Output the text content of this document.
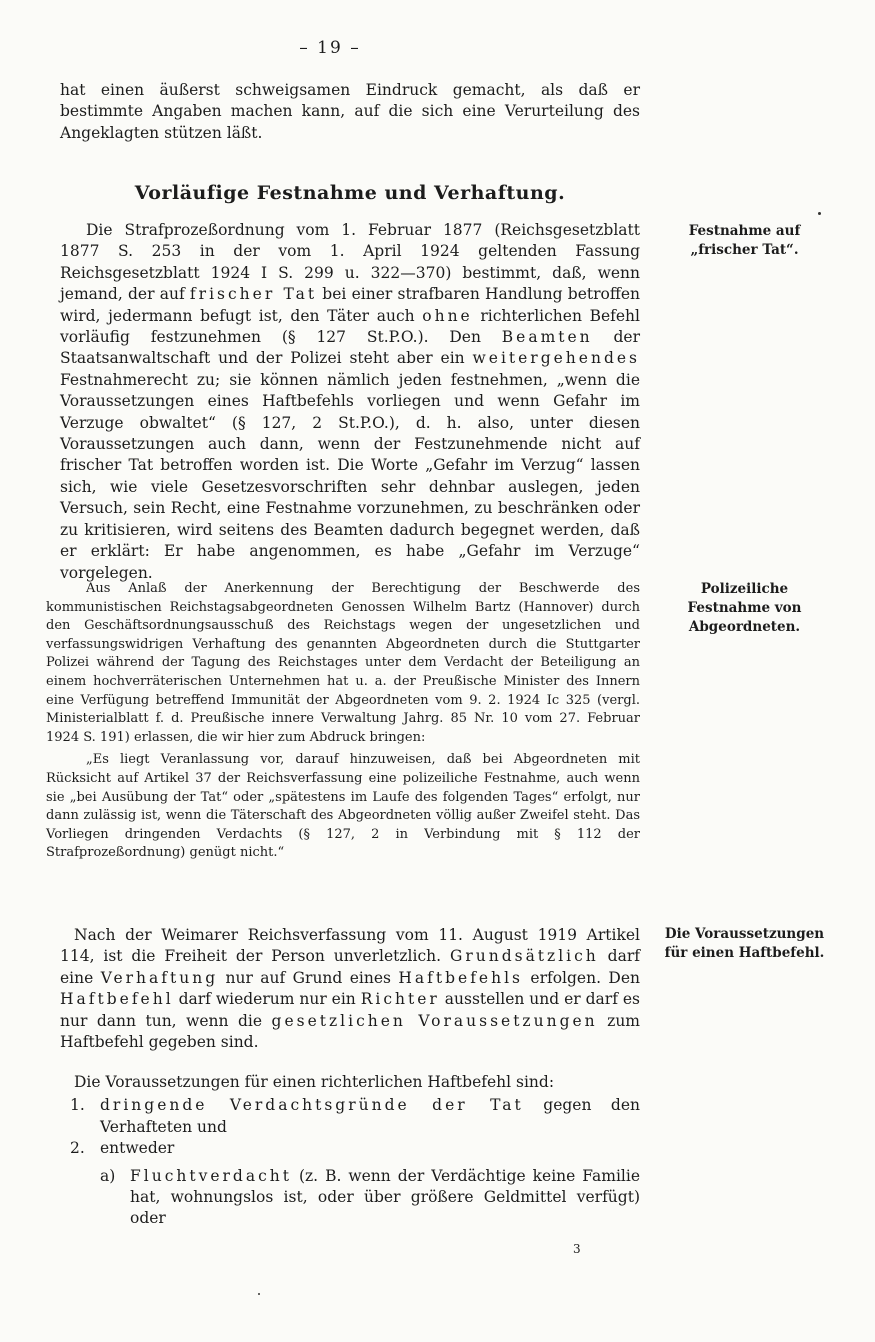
– 19 –

hat einen äußerst schweigsamen Eindruck gemacht, als daß er bestimmte Angaben machen kann, auf die sich eine Verurteilung des Angeklagten stützen läßt.

Vorläufige Festnahme und Verhaftung.

Die Strafprozeßordnung vom 1. Februar 1877 (Reichsgesetzblatt 1877 S. 253 in der vom 1. April 1924 geltenden Fassung Reichsgesetzblatt 1924 I S. 299 u. 322—370) bestimmt, daß, wenn jemand, der auf frischer Tat bei einer strafbaren Handlung betroffen wird, jedermann befugt ist, den Täter auch ohne richterlichen Befehl vorläufig festzunehmen (§ 127 St.P.O.). Den Beamten der Staatsanwaltschaft und der Polizei steht aber ein weitergehendes Festnahmerecht zu; sie können nämlich jeden festnehmen, „wenn die Voraussetzungen eines Haftbefehls vorliegen und wenn Gefahr im Verzuge obwaltet“ (§ 127, 2 St.P.O.), d. h. also, unter diesen Voraussetzungen auch dann, wenn der Festzunehmende nicht auf frischer Tat betroffen worden ist. Die Worte „Gefahr im Verzug“ lassen sich, wie viele Gesetzesvorschriften sehr dehnbar auslegen, jeden Versuch, sein Recht, eine Festnahme vorzunehmen, zu beschränken oder zu kritisieren, wird seitens des Beamten dadurch begegnet werden, daß er erklärt: Er habe angenommen, es habe „Gefahr im Verzuge“ vorgelegen.

Aus Anlaß der Anerkennung der Berechtigung der Beschwerde des kommunistischen Reichstagsabgeordneten Genossen Wilhelm Bartz (Hannover) durch den Geschäftsordnungsausschuß des Reichstags wegen der ungesetzlichen und verfassungswidrigen Verhaftung des genannten Abgeordneten durch die Stuttgarter Polizei während der Tagung des Reichstages unter dem Verdacht der Beteiligung an einem hochverräterischen Unternehmen hat u. a. der Preußische Minister des Innern eine Verfügung betreffend Immunität der Abgeordneten vom 9. 2. 1924 Ic 325 (vergl. Ministerialblatt f. d. Preußische innere Verwaltung Jahrg. 85 Nr. 10 vom 27. Februar 1924 S. 191) erlassen, die wir hier zum Abdruck bringen:

„Es liegt Veranlassung vor, darauf hinzuweisen, daß bei Abgeordneten mit Rücksicht auf Artikel 37 der Reichsverfassung eine polizeiliche Festnahme, auch wenn sie „bei Ausübung der Tat“ oder „spätestens im Laufe des folgenden Tages“ erfolgt, nur dann zulässig ist, wenn die Täterschaft des Abgeordneten völlig außer Zweifel steht. Das Vorliegen dringenden Verdachts (§ 127, 2 in Verbindung mit § 112 der Strafprozeßordnung) genügt nicht.“

Nach der Weimarer Reichsverfassung vom 11. August 1919 Artikel 114, ist die Freiheit der Person unverletzlich. Grundsätzlich darf eine Verhaftung nur auf Grund eines Haftbefehls erfolgen. Den Haftbefehl darf wiederum nur ein Richter ausstellen und er darf es nur dann tun, wenn die gesetzlichen Voraussetzungen zum Haftbefehl gegeben sind.

Die Voraussetzungen für einen richterlichen Haftbefehl sind:

1. dringende Verdachtsgründe der Tat gegen den Verhafteten und
2. entweder
a) Fluchtverdacht (z. B. wenn der Verdächtige keine Familie hat, wohnungslos ist, oder über größere Geldmittel verfügt) oder
Festnahme auf „frischer Tat“.
Polizeiliche Festnahme von Abgeordneten.
Die Voraussetzungen für einen Haftbefehl.
3
